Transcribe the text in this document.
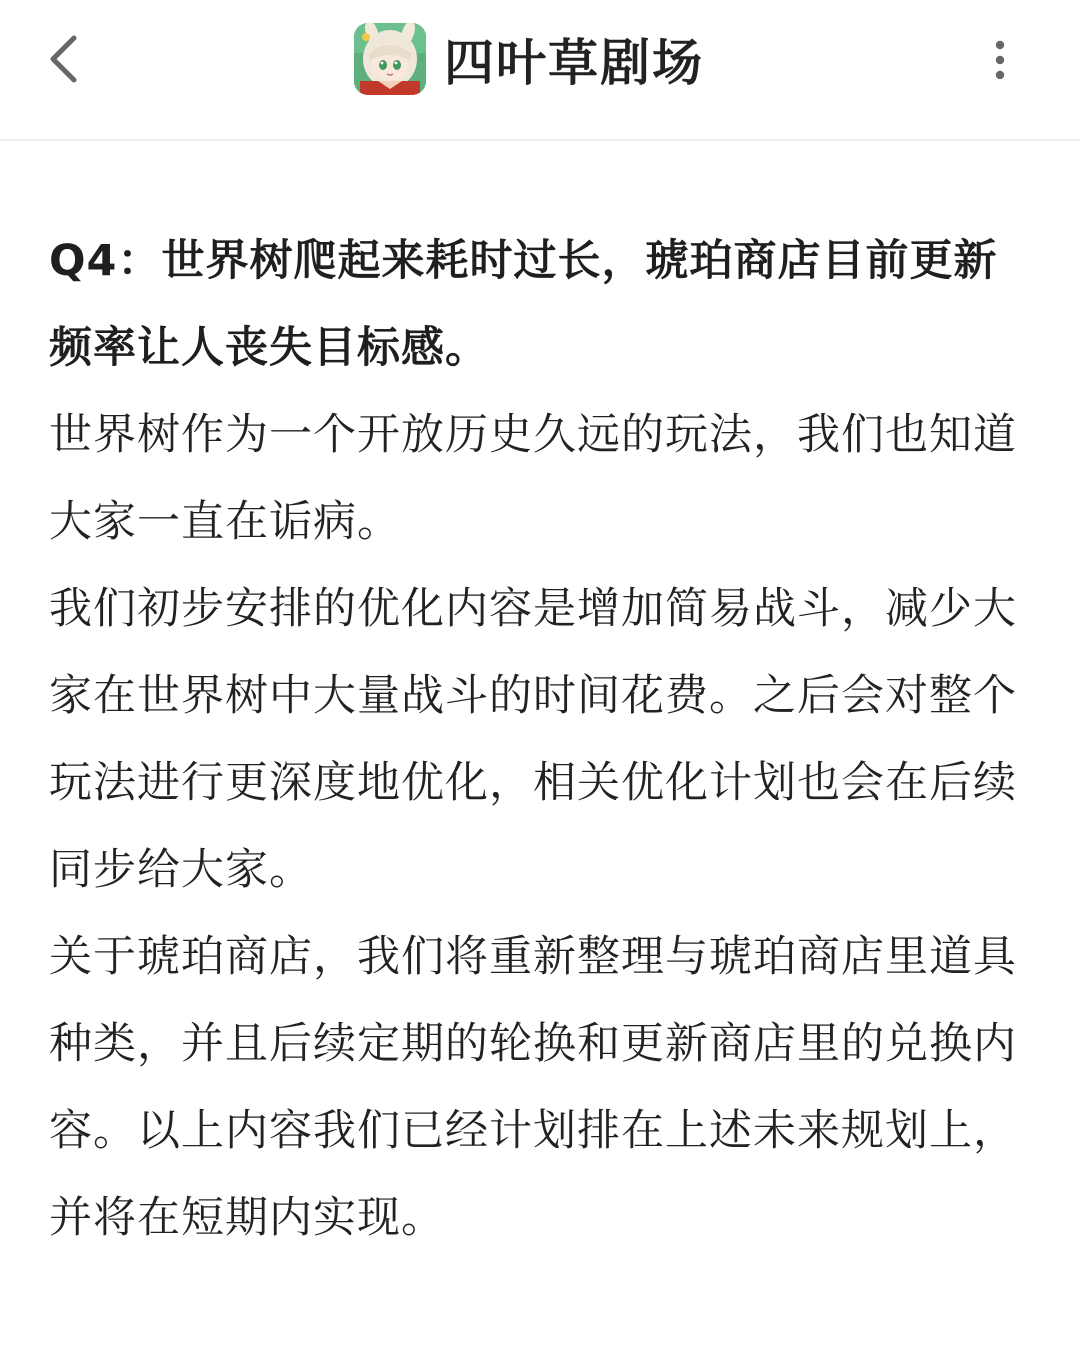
四叶草剧场

Q4：世界树爬起来耗时过长，琥珀商店目前更新频率让人丧失目标感。

世界树作为一个开放历史久远的玩法，我们也知道大家一直在诟病。

我们初步安排的优化内容是增加简易战斗，减少大家在世界树中大量战斗的时间花费。之后会对整个玩法进行更深度地优化，相关优化计划也会在后续同步给大家。

关于琥珀商店，我们将重新整理与琥珀商店里道具种类，并且后续定期的轮换和更新商店里的兑换内容。以上内容我们已经计划排在上述未来规划上，并将在短期内实现。
